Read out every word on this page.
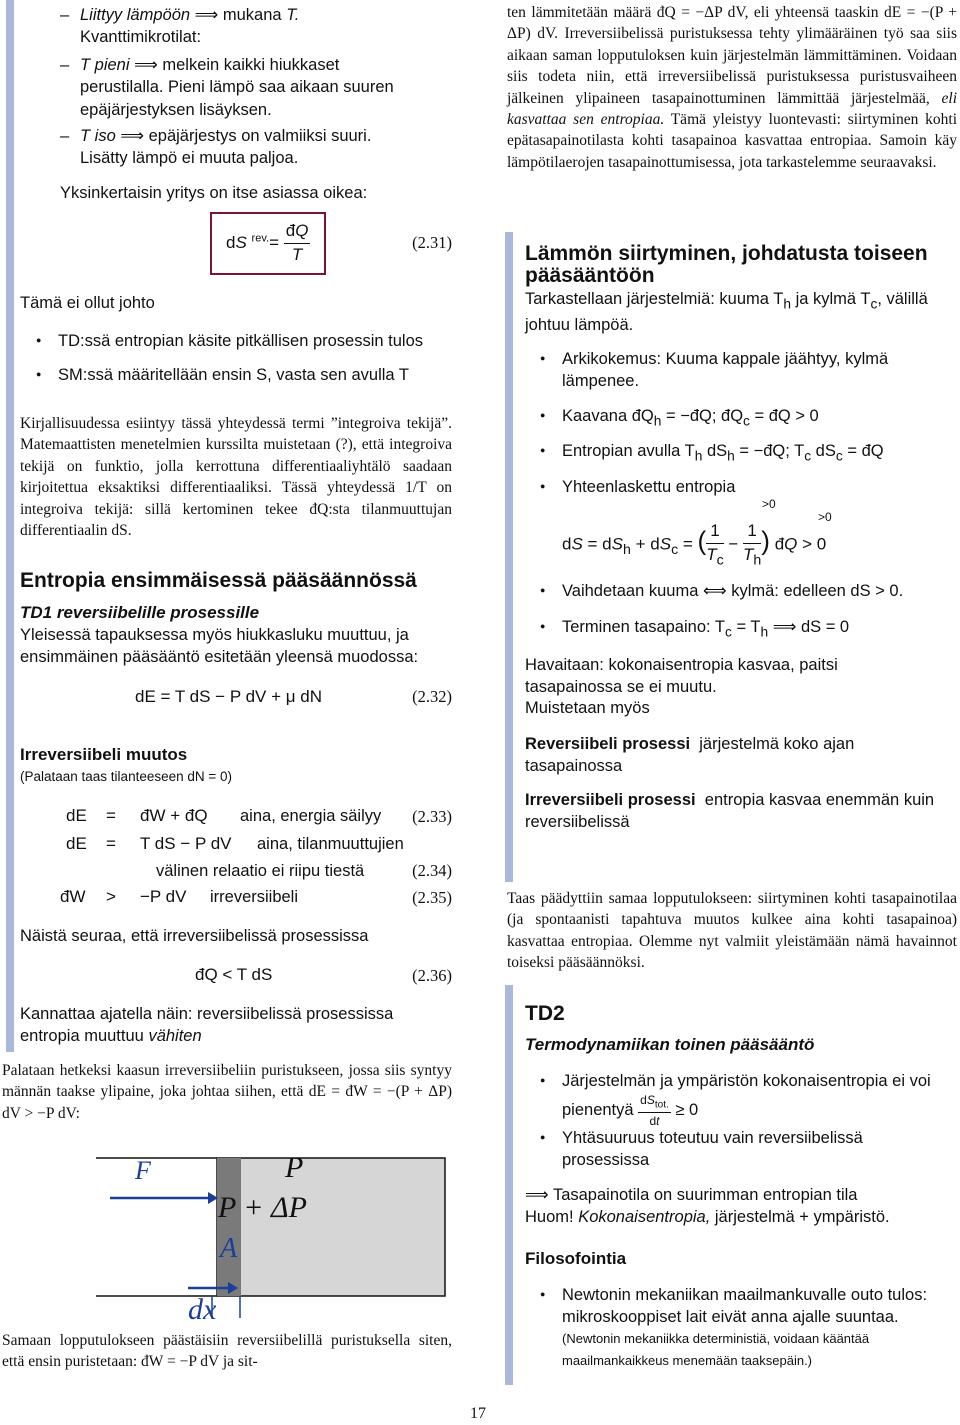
– Liittyy lämpöön ⟹ mukana T.
Kvanttimikrotilat:
– T pieni ⟹ melkein kaikki hiukkaset
perustilalla. Pieni lämpö saa aikaan suuren
epäjärjestyksen lisäyksen.
– T iso ⟹ epäjärjestys on valmiiksi suuri.
Lisätty lämpö ei muuta paljoa.
Yksinkertaisin yritys on itse asiassa oikea:
dS $^{rev.}= \frac{đQ}{T}$	(2.31)
Tämä ei ollut johto
● TD:ssä entropian käsite pitkällisen prosessin tulos
● SM:ssä määritellään ensin S, vasta sen avulla T
Kirjallisuudessa esiintyy tässä yhteydessä termi ”integroiva tekijä”. Matemaattisten menetelmien kurssilta muistetaan (?), että integroiva tekijä on funktio, jolla kerrottuna differentiaaliyhtälö saadaan kirjoitettua eksaktiksi differentiaaliksi. Tässä yhteydessä 1/T on integroiva tekijä: sillä kertominen tekee đQ:sta tilanmuuttujan differentiaalin dS.
Entropia ensimmäisessä pääsäännössä
TD1 reversiibelille prosessille
Yleisessä tapauksessa myös hiukkasluku muuttuu, ja ensimmäinen pääsääntö esitetään yleensä muodossa:
dE = T dS − P dV + μ dN	(2.32)
Irreversiibeli muutos
(Palataan taas tilanteeseen dN = 0)
dE = đW + đQ aina, energia säilyy (2.33)
dE = T dS − P dV aina, tilanmuuttujien
välinen relaatio ei riipu tiestä	(2.34)
đW > −P dV irreversiibeli	(2.35)
Näistä seuraa, että irreversiibelissä prosessissa
đQ < T dS	(2.36)
Kannattaa ajatella näin: reversiibelissä prosessissa entropia muuttuu vähiten
Palataan hetkeksi kaasun irreversiibeliin puristukseen, jossa siis syntyy männän taakse ylipaine, joka johtaa siihen, että dE = đW = −(P + ΔP) dV > −P dV:
F	P
P + ΔP
A
dx
Samaan lopputulokseen päästäisiin reversiibelillä puristuksella siten, että ensin puristetaan: đW = −P dV ja sit-
ten lämmitetään määrä đQ = −ΔP dV, eli yhteensä taaskin dE = −(P + ΔP) dV. Irreversiibelissä puristuksessa tehty ylimääräinen työ saa siis aikaan saman lopputuloksen kuin järjestelmän lämmittäminen. Voidaan siis todeta niin, että irreversiibelissä puristuksessa puristusvaiheen jälkeinen ylipaineen tasapainottuminen lämmittää järjestelmää, eli kasvattaa sen entropiaa. Tämä yleistyy luontevasti: siirtyminen kohti epätasapainotilasta kohti tasapainoa kasvattaa entropiaa. Samoin käy lämpötilaerojen tasapainottumisessa, jota tarkastelemme seuraavaksi.
Lämmön siirtyminen, johdatusta toiseen pääsääntöön
Tarkastellaan järjestelmiä: kuuma $T_h$ ja kylmä $T_c$, välillä johtuu lämpöä.
● Arkikokemus: Kuuma kappale jäähtyy, kylmä lämpenee.
● Kaavana $đQ_h$ = −đQ; $đQ_c$ = đQ > 0
● Entropian avulla $T_h$ $dS_h$ = −đQ; $T_c$ $dS_c$ = đQ
● Yhteenlaskettu entropia
dS = $dS_h + dS_c$ = ( $\frac{1}{T_c} - \frac{1}{T_h}$ ) đQ > 0
>0
>0
● Vaihdetaan kuuma ⟺ kylmä: edelleen dS > 0.
● Terminen tasapaino: $T_c = T_h$ ⟹ dS = 0
Havaitaan: kokonaisentropia kasvaa, paitsi tasapainossa se ei muutu.
Muistetaan myös
Reversiibeli prosessi järjestelmä koko ajan tasapainossa
Irreversiibeli prosessi entropia kasvaa enemmän kuin reversiibelissä
Taas päädyttiin samaa lopputulokseen: siirtyminen kohti tasapainotilaa (ja spontaanisti tapahtuva muutos kulkee aina kohti tasapainoa) kasvattaa entropiaa. Olemme nyt valmiit yleistämään nämä havainnot toiseksi pääsäännöksi.
TD2
Termodynamiikan toinen pääsääntö
● Järjestelmän ja ympäristön kokonaisentropia ei voi pienentyä $\frac{dS_{tot.}}{dt} \ge 0$
● Yhtäsuuruus toteutuu vain reversiibelissä prosessissa
⟹ Tasapainotila on suurimman entropian tila
Huom! Kokonaisentropia, järjestelmä + ympäristö.
Filosofointia
● Newtonin mekaniikan maailmankuvalle outo tulos: mikroskooppiset lait eivät anna ajalle suuntaa.
(Newtonin mekaniikka deterministiä, voidaan kääntää maailmankaikkeus menemään taaksepäin.)
17
